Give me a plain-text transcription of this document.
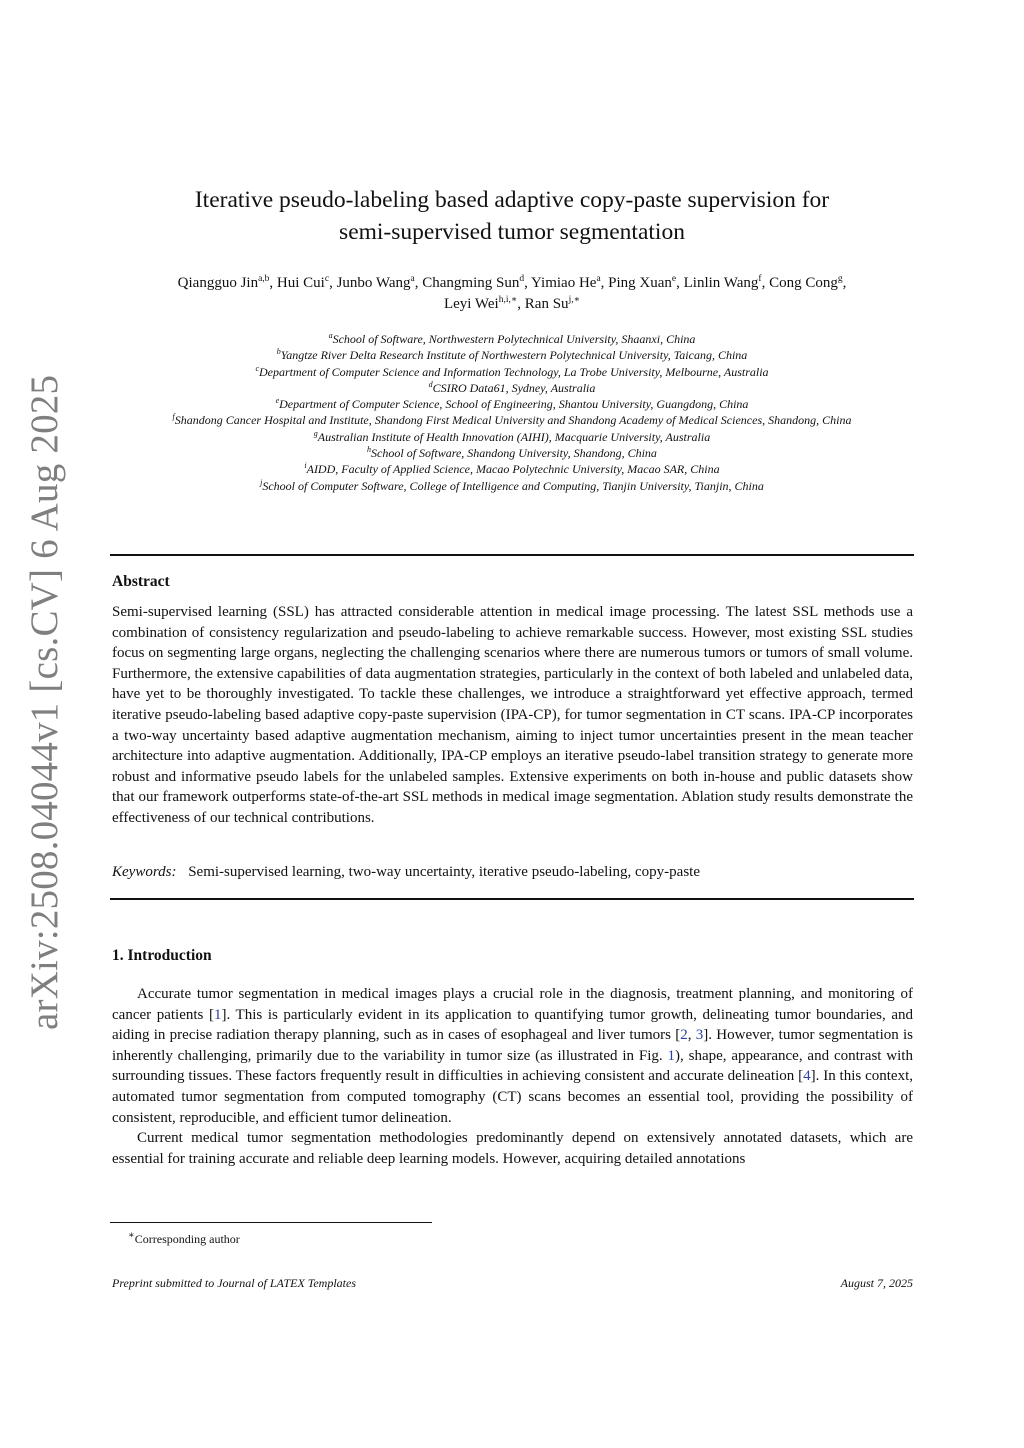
arXiv:2508.04044v1 [cs.CV] 6 Aug 2025
Iterative pseudo-labeling based adaptive copy-paste supervision for
semi-supervised tumor segmentation
Qiangguo Jin$^{a,b}$, Hui Cui$^c$, Junbo Wang$^a$, Changming Sun$^d$, Yimiao He$^a$, Ping Xuan$^e$, Linlin Wang$^f$, Cong Cong$^g$,
Leyi Wei$^{h,i,∗}$, Ran $Su^{j,∗}$
$^a$School of Software, Northwestern Polytechnical University, Shaanxi, China
$^b$Yangtze River Delta Research Institute of Northwestern Polytechnical University, Taicang, China
$^c$Department of Computer Science and Information Technology, La Trobe University, Melbourne, Australia
$^d$CSIRO Data61, Sydney, Australia
$^e$Department of Computer Science, School of Engineering, Shantou University, Guangdong, China
$^f$Shandong Cancer Hospital and Institute, Shandong First Medical University and Shandong Academy of Medical Sciences, Shandong, China
$^g$Australian Institute of Health Innovation (AIHI), Macquarie University, Australia
$^h$School of Software, Shandong University, Shandong, China
$^i$AIDD, Faculty of Applied Science, Macao Polytechnic University, Macao SAR, China
$^j$School of Computer Software, College of Intelligence and Computing, Tianjin University, Tianjin, China
Abstract
Semi-supervised learning (SSL) has attracted considerable attention in medical image processing. The latest SSL methods use a combination of consistency regularization and pseudo-labeling to achieve remarkable success. However, most existing SSL studies focus on segmenting large organs, neglecting the challenging scenarios where there are numerous tumors or tumors of small volume. Furthermore, the extensive capabilities of data augmentation strategies, particularly in the context of both labeled and unlabeled data, have yet to be thoroughly investigated. To tackle these challenges, we introduce a straightforward yet effective approach, termed iterative pseudo-labeling based adaptive copy-paste supervision (IPA-CP), for tumor segmentation in CT scans. IPA-CP incorporates a two-way uncertainty based adaptive augmentation mechanism, aiming to inject tumor uncertainties present in the mean teacher architecture into adaptive augmentation. Additionally, IPA-CP employs an iterative pseudo-label transition strategy to generate more robust and informative pseudo labels for the unlabeled samples. Extensive experiments on both in-house and public datasets show that our framework outperforms state-of-the-art SSL methods in medical image segmentation. Ablation study results demonstrate the effectiveness of our technical contributions.
Keywords: Semi-supervised learning, two-way uncertainty, iterative pseudo-labeling, copy-paste
1. Introduction

Accurate tumor segmentation in medical images plays a crucial role in the diagnosis, treatment planning, and monitoring of cancer patients [1]. This is particularly evident in its application to quantifying tumor growth, delineating tumor boundaries, and aiding in precise radiation therapy planning, such as in cases of esophageal and liver tumors [2, 3]. However, tumor segmentation is inherently challenging, primarily due to the variability in tumor size (as illustrated in Fig. 1), shape, appearance, and contrast with surrounding tissues. These factors frequently result in difficulties in achieving consistent and accurate delineation [4]. In this context, automated tumor segmentation from computed tomography (CT) scans becomes an essential tool, providing the possibility of consistent, reproducible, and efficient tumor delineation.

Current medical tumor segmentation methodologies predominantly depend on extensively annotated datasets, which are essential for training accurate and reliable deep learning models. However, acquiring detailed annotations

∗Corresponding author
Preprint submitted to Journal of LATEX Templates	August 7, 2025
